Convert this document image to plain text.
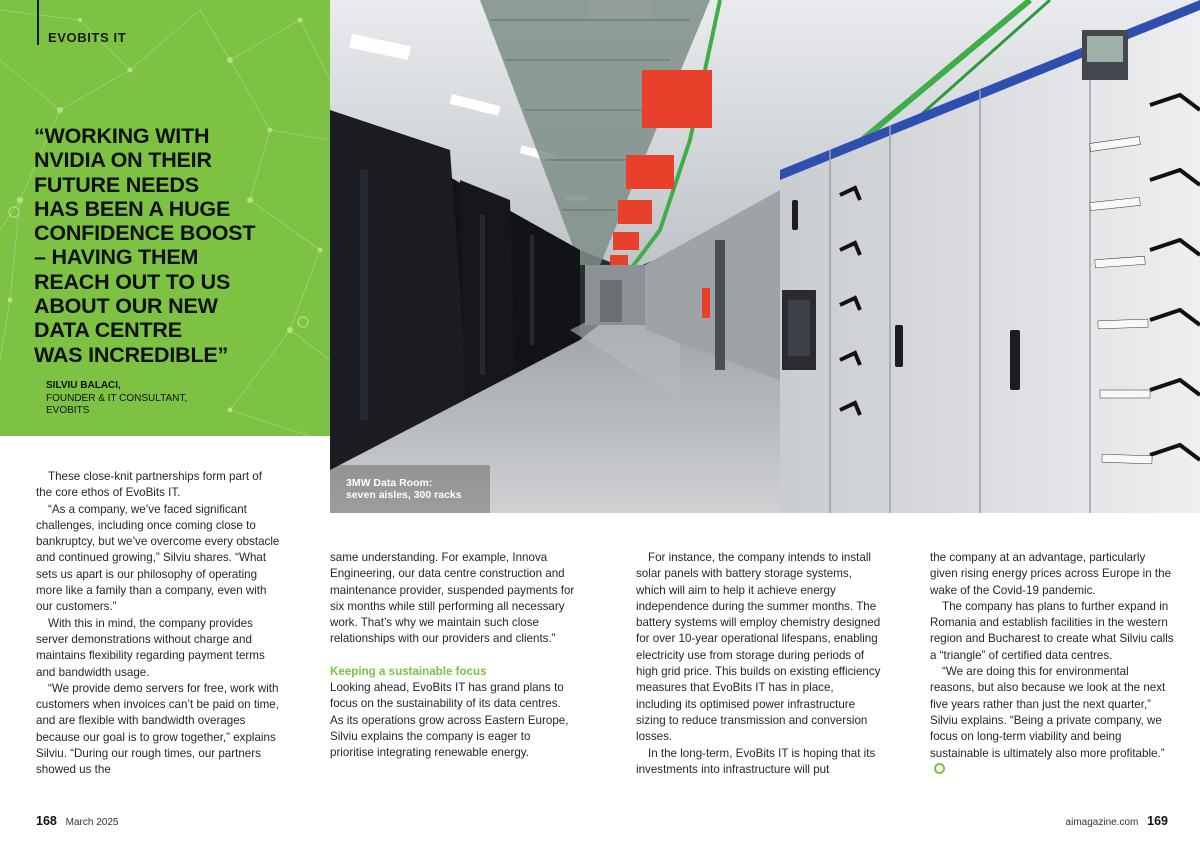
EVOBITS IT

“WORKING WITH
NVIDIA ON THEIR
FUTURE NEEDS
HAS BEEN A HUGE
CONFIDENCE BOOST
– HAVING THEM
REACH OUT TO US
ABOUT OUR NEW
DATA CENTRE
WAS INCREDIBLE”

SILVIU BALACI,
FOUNDER & IT CONSULTANT,
EVOBITS
3MW Data Room:
seven aisles, 300 racks

These close-knit partnerships form part of the core ethos of EvoBits IT.

“As a company, we’ve faced significant challenges, including once coming close to bankruptcy, but we’ve overcome every obstacle and continued growing,” Silviu shares. “What sets us apart is our philosophy of operating more like a family than a company, even with our customers.”

With this in mind, the company provides server demonstrations without charge and maintains flexibility regarding payment terms and bandwidth usage.

“We provide demo servers for free, work with customers when invoices can’t be paid on time, and are flexible with bandwidth overages because our goal is to grow together,” explains Silviu. “During our rough times, our partners showed us the

same understanding. For example, Innova Engineering, our data centre construction and maintenance provider, suspended payments for six months while still performing all necessary work. That’s why we maintain such close relationships with our providers and clients.”

Keeping a sustainable focus

Looking ahead, EvoBits IT has grand plans to focus on the sustainability of its data centres. As its operations grow across Eastern Europe, Silviu explains the company is eager to prioritise integrating renewable energy.

For instance, the company intends to install solar panels with battery storage systems, which will aim to help it achieve energy independence during the summer months. The battery systems will employ chemistry designed for over 10-year operational lifespans, enabling electricity use from storage during periods of high grid price. This builds on existing efficiency measures that EvoBits IT has in place, including its optimised power infrastructure sizing to reduce transmission and conversion losses.

In the long-term, EvoBits IT is hoping that its investments into infrastructure will put

the company at an advantage, particularly given rising energy prices across Europe in the wake of the Covid-19 pandemic.

The company has plans to further expand in Romania and establish facilities in the western region and Bucharest to create what Silviu calls a “triangle” of certified data centres.

“We are doing this for environmental reasons, but also because we look at the next five years rather than just the next quarter,” Silviu explains. “Being a private company, we focus on long-term viability and being sustainable is ultimately also more profitable.”

168 March 2025	aimagazine.com 169
